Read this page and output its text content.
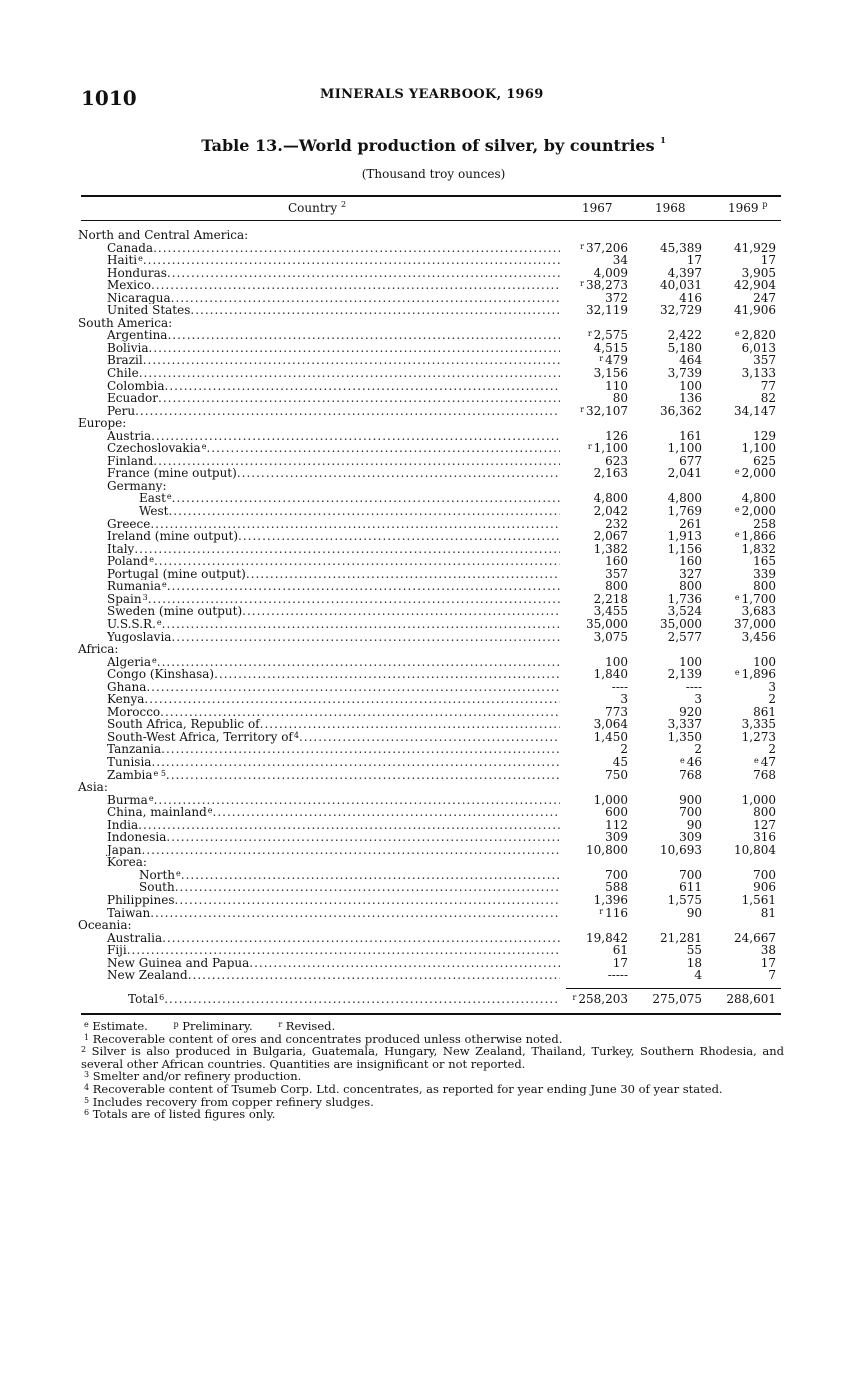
1010	MINERALS YEARBOOK, 1969
Table 13.—World production of silver, by countries $^1$
(Thousand troy ounces)
Country $^2$	1967	1968	1969 $^p$
North and Central America:
Canada .....	$^r$ 37,206	45,389	41,929
Haiti$^e$ .....	34	17	17
Honduras .....	4,009	4,397	3,905
Mexico .....	$^r$ 38,273	40,031	42,904
Nicaragua .....	372	416	247
United States .....	32,119	32,729	41,906
South America:
Argentina .....	$^r$ 2,575	2,422	$^e$ 2,820
Bolivia .....	4,515	5,180	6,013
Brazil .....	$^r$ 479	464	357
Chile .....	3,156	3,739	3,133
Colombia .....	110	100	77
Ecuador .....	80	136	82
Peru .....	$^r$ 32,107	36,362	34,147
Europe:
Austria .....	126	161	129
Czechoslovakia$^e$ .....	$^r$ 1,100	1,100	1,100
Finland .....	623	677	625
France (mine output) .....	2,163	2,041	$^e$ 2,000
Germany:
East$^e$ .....	4,800	4,800	4,800
West .....	2,042	1,769	$^e$ 2,000
Greece .....	232	261	258
Ireland (mine output) .....	2,067	1,913	$^e$ 1,866
Italy .....	1,382	1,156	1,832
Poland$^e$ .....	160	160	165
Portugal (mine output) .....	357	327	339
Rumania$^e$ .....	800	800	800
Spain$^3$ .....	2,218	1,736	$^e$ 1,700
Sweden (mine output) .....	3,455	3,524	3,683
U.S.S.R.$^e$ .....	35,000	35,000	37,000
Yugoslavia .....	3,075	2,577	3,456
Africa:
Algeria$^e$ .....	100	100	100
Congo (Kinshasa) .....	1,840	2,139	$^e$ 1,896
Ghana .....	----	----	3
Kenya .....	3	3	2
Morocco .....	773	920	861
South Africa, Republic of .....	3,064	3,337	3,335
South-West Africa, Territory $of^4$ .....	1,450	1,350	1,273
Tanzania .....	2	2	2
Tunisia .....	45	$^e$ 46	$^e$ 47
Zambia$^{e 5}$ .....	750	768	768
Asia:
Burma$^e$ .....	1,000	900	1,000
China, mainland$^e$ .....	600	700	800
India .....	112	90	127
Indonesia .....	309	309	316
Japan .....	10,800	10,693	10,804
Korea:
North$^e$ .....	700	700	700
South .....	588	611	906
Philippines .....	1,396	1,575	1,561
Taiwan .....	$^r$ 116	90	81
Oceania:
Australia .....	19,842	21,281	24,667
Fiji .....	61	55	38
New Guinea and Papua .....	17	18	17
New Zealand .....	-----	4	7
Total$^6$ .....	$^r$ 258,203	275,075	288,601
$^e$ Estimate.	$^p$ Preliminary.	$^r$ Revised.
$^1$ Recoverable content of ores and concentrates produced unless otherwise noted.
$^2$ Silver is also produced in Bulgaria, Guatemala, Hungary, New Zealand, Thailand, Turkey, Southern Rhodesia, and several other African countries. Quantities are insignificant or not reported.
$^3$ Smelter and/or refinery production.
$^4$ Recoverable content of Tsumeb Corp. Ltd. concentrates, as reported for year ending June 30 of year stated.
$^5$ Includes recovery from copper refinery sludges.
$^6$ Totals are of listed figures only.
